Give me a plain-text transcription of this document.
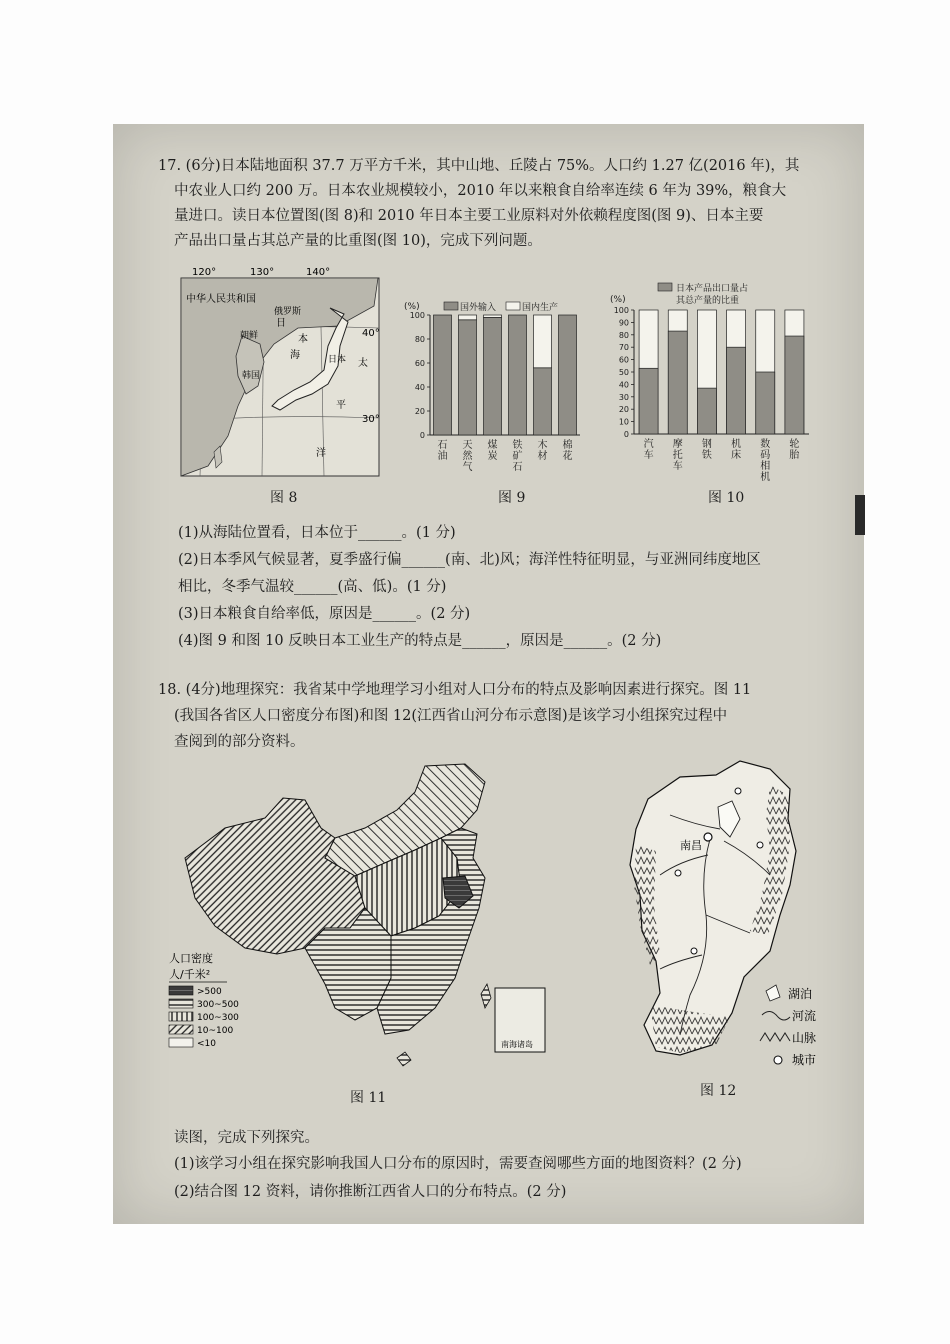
17. (6分)日本陆地面积 37.7 万平方千米，其中山地、丘陵占 75%。人口约 1.27 亿(2016 年)，其
中农业人口约 200 万。日本农业规模较小，2010 年以来粮食自给率连续 6 年为 39%，粮食大
量进口。读日本位置图(图 8)和 2010 年日本主要工业原料对外依赖程度图(图 9)、日本主要
产品出口量占其总产量的比重图(图 10)，完成下列问题。
120°	130°	140°
40°
30°
中华人民共和国
俄罗斯
朝鲜
韩国
日本
海
日
本
太
平
洋
图 8
(%)	国外输入	国内生产
0
20
40
60
80
100
石
油
天
然
气
煤
炭
铁
矿
石
木
材
棉
花
图 9
(%)
日本产品出口量占
其总产量的比重
0
10
20
30
40
50
60
70
80
90
100
汽
车
摩
托
车
钢
铁
机
床
数
码
相
机
轮
胎
图 10
(1)从海陆位置看，日本位于______。(1 分)
(2)日本季风气候显著，夏季盛行偏______(南、北)风；海洋性特征明显，与亚洲同纬度地区
相比，冬季气温较______(高、低)。(1 分)
(3)日本粮食自给率低，原因是______。(2 分)
(4)图 9 和图 10 反映日本工业生产的特点是______，原因是______。(2 分)
18. (4分)地理探究：我省某中学地理学习小组对人口分布的特点及影响因素进行探究。图 11
(我国各省区人口密度分布图)和图 12(江西省山河分布示意图)是该学习小组探究过程中
查阅到的部分资料。
南海诸岛
人口密度
人/千米²
>500
300~500
100~300
10~100
<10
图 11
南昌
湖泊
河流
山脉
城市
图 12
读图，完成下列探究。
(1)该学习小组在探究影响我国人口分布的原因时，需要查阅哪些方面的地图资料？(2 分)
(2)结合图 12 资料，请你推断江西省人口的分布特点。(2 分)
